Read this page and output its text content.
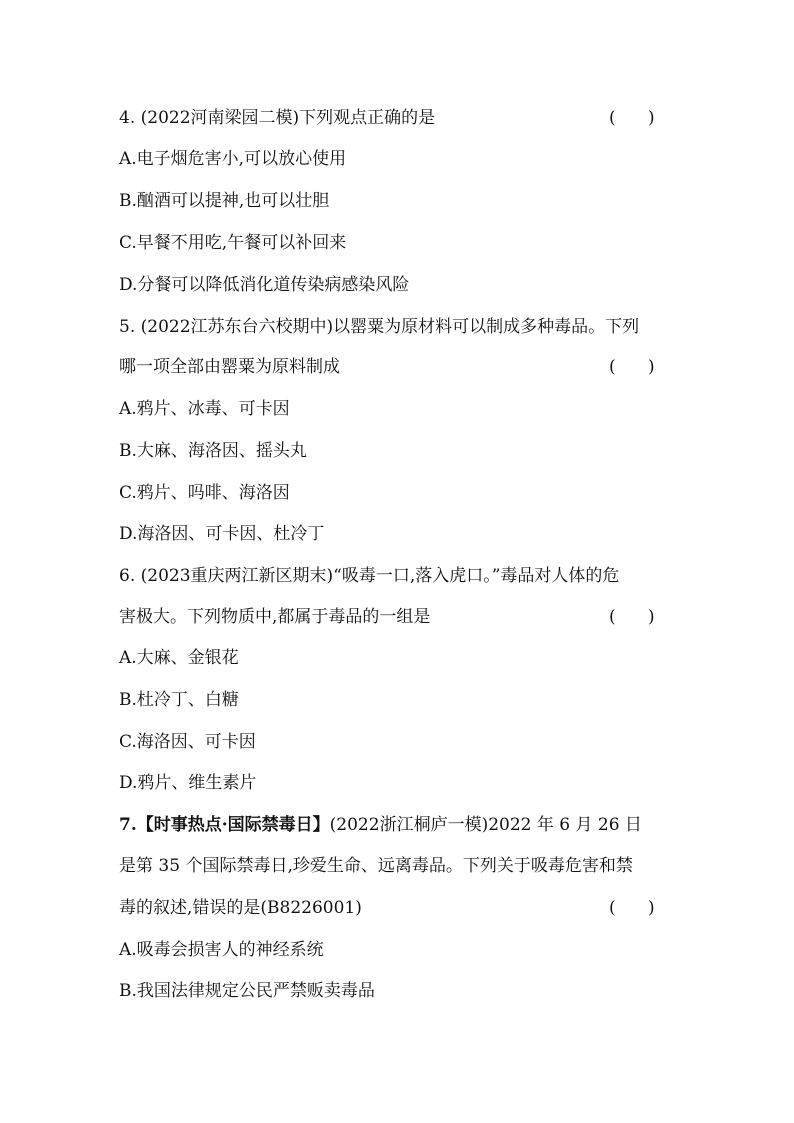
4. (2022河南梁园二模)下列观点正确的是	(      )
A.电子烟危害小,可以放心使用
B.酗酒可以提神,也可以壮胆
C.早餐不用吃,午餐可以补回来
D.分餐可以降低消化道传染病感染风险
5. (2022江苏东台六校期中)以罂粟为原材料可以制成多种毒品。下列
哪一项全部由罂粟为原料制成	(      )
A.鸦片、冰毒、可卡因
B.大麻、海洛因、摇头丸
C.鸦片、吗啡、海洛因
D.海洛因、可卡因、杜冷丁
6. (2023重庆两江新区期末)“吸毒一口,落入虎口。”毒品对人体的危
害极大。下列物质中,都属于毒品的一组是	(      )
A.大麻、金银花
B.杜冷丁、白糖
C.海洛因、可卡因
D.鸦片、维生素片
7.【时事热点·国际禁毒日】(2022浙江桐庐一模)2022 年 6 月 26 日
是第 35 个国际禁毒日,珍爱生命、远离毒品。下列关于吸毒危害和禁
毒的叙述,错误的是(B8226001)	(      )
A.吸毒会损害人的神经系统
B.我国法律规定公民严禁贩卖毒品
